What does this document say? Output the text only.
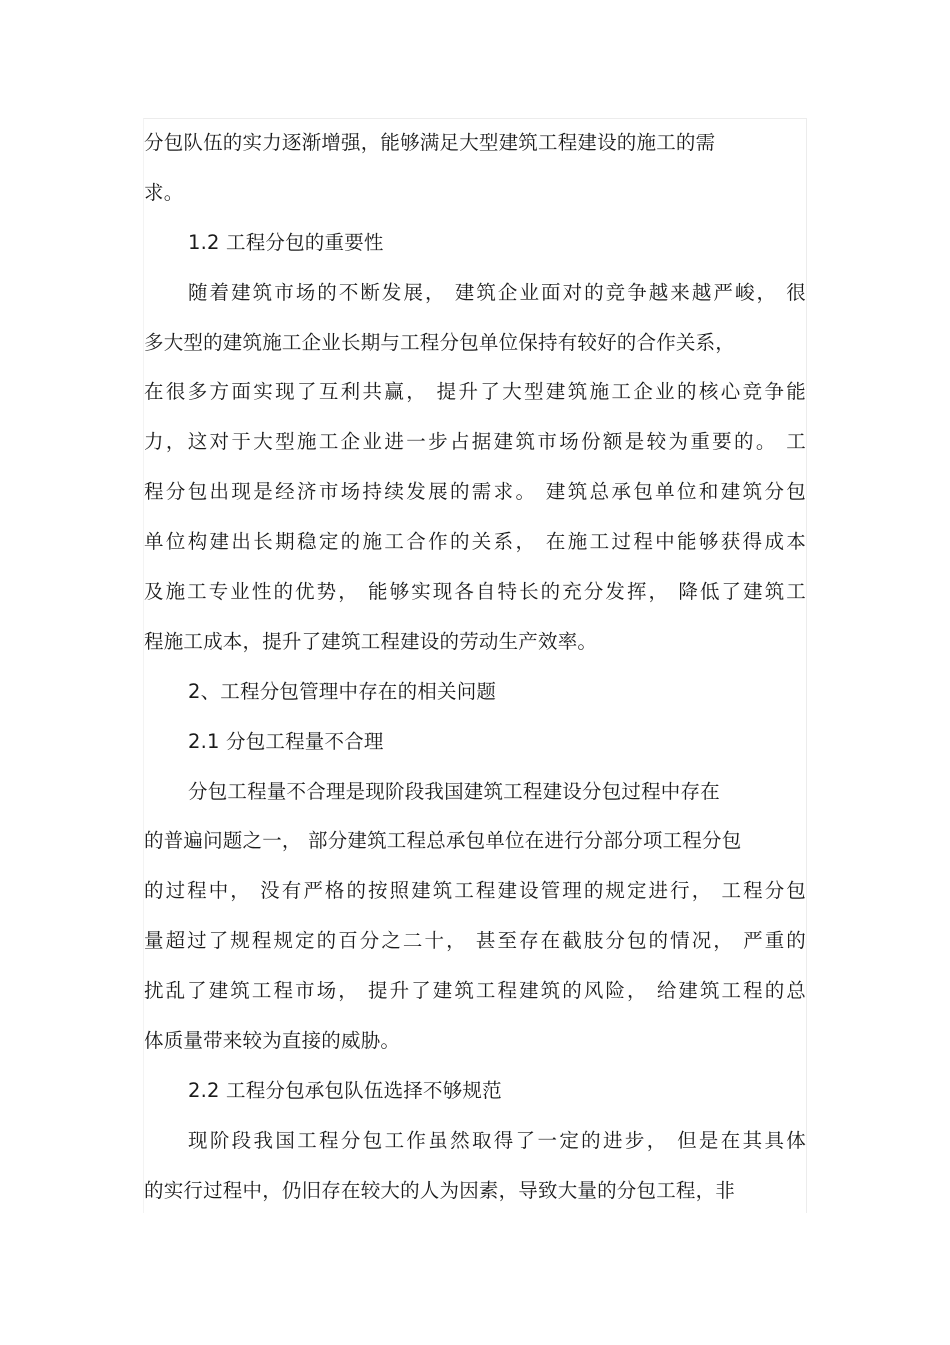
分包队伍的实力逐渐增强，能够满足大型建筑工程建设的施工的需
求。
1.2 工程分包的重要性
随着建筑市场的不断发展， 建筑企业面对的竞争越来越严峻， 很
多大型的建筑施工企业长期与工程分包单位保持有较好的合作关系，
在很多方面实现了互利共赢， 提升了大型建筑施工企业的核心竞争能
力，这对于大型施工企业进一步占据建筑市场份额是较为重要的。 工
程分包出现是经济市场持续发展的需求。 建筑总承包单位和建筑分包
单位构建出长期稳定的施工合作的关系， 在施工过程中能够获得成本
及施工专业性的优势， 能够实现各自特长的充分发挥， 降低了建筑工
程施工成本，提升了建筑工程建设的劳动生产效率。
2、工程分包管理中存在的相关问题
2.1 分包工程量不合理
分包工程量不合理是现阶段我国建筑工程建设分包过程中存在
的普遍问题之一， 部分建筑工程总承包单位在进行分部分项工程分包
的过程中， 没有严格的按照建筑工程建设管理的规定进行， 工程分包
量超过了规程规定的百分之二十， 甚至存在截肢分包的情况， 严重的
扰乱了建筑工程市场， 提升了建筑工程建筑的风险， 给建筑工程的总
体质量带来较为直接的威胁。
2.2 工程分包承包队伍选择不够规范
现阶段我国工程分包工作虽然取得了一定的进步， 但是在其具体
的实行过程中，仍旧存在较大的人为因素，导致大量的分包工程，非
